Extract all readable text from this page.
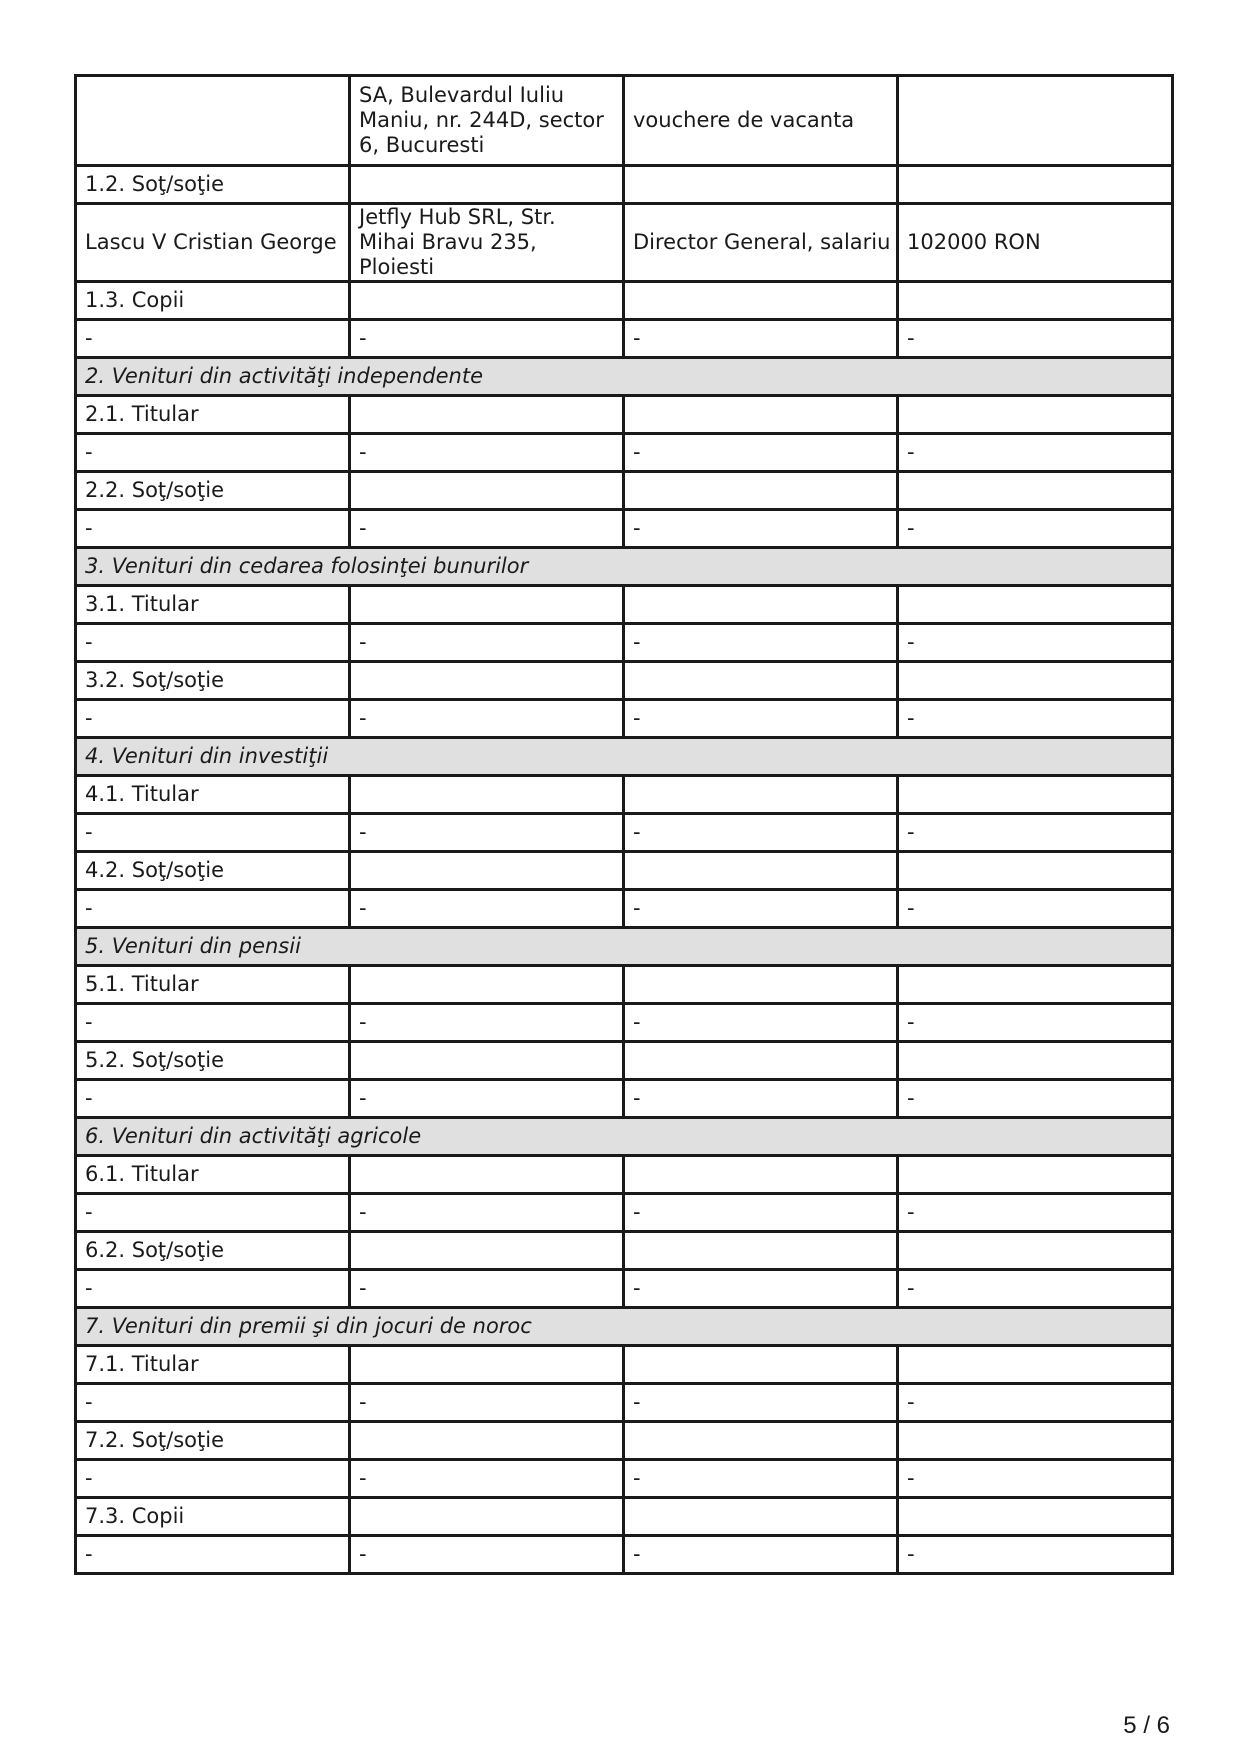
	SA, Bulevardul Iuliu Maniu, nr. 244D, sector 6, Bucuresti	vouchere de vacanta	
1.2. Soţ/soţie			
Lascu V Cristian George	Jetfly Hub SRL, Str. Mihai Bravu 235, Ploiesti	Director General, salariu	102000 RON
1.3. Copii			
-	-	-	-
2. Venituri din activităţi independente			
2.1. Titular			
-	-	-	-
2.2. Soţ/soţie			
-	-	-	-
3. Venituri din cedarea folosinţei bunurilor			
3.1. Titular			
-	-	-	-
3.2. Soţ/soţie			
-	-	-	-
4. Venituri din investiţii			
4.1. Titular			
-	-	-	-
4.2. Soţ/soţie			
-	-	-	-
5. Venituri din pensii			
5.1. Titular			
-	-	-	-
5.2. Soţ/soţie			
-	-	-	-
6. Venituri din activităţi agricole			
6.1. Titular			
-	-	-	-
6.2. Soţ/soţie			
-	-	-	-
7. Venituri din premii şi din jocuri de noroc			
7.1. Titular			
-	-	-	-
7.2. Soţ/soţie			
-	-	-	-
7.3. Copii			
-	-	-	-
5 / 6
